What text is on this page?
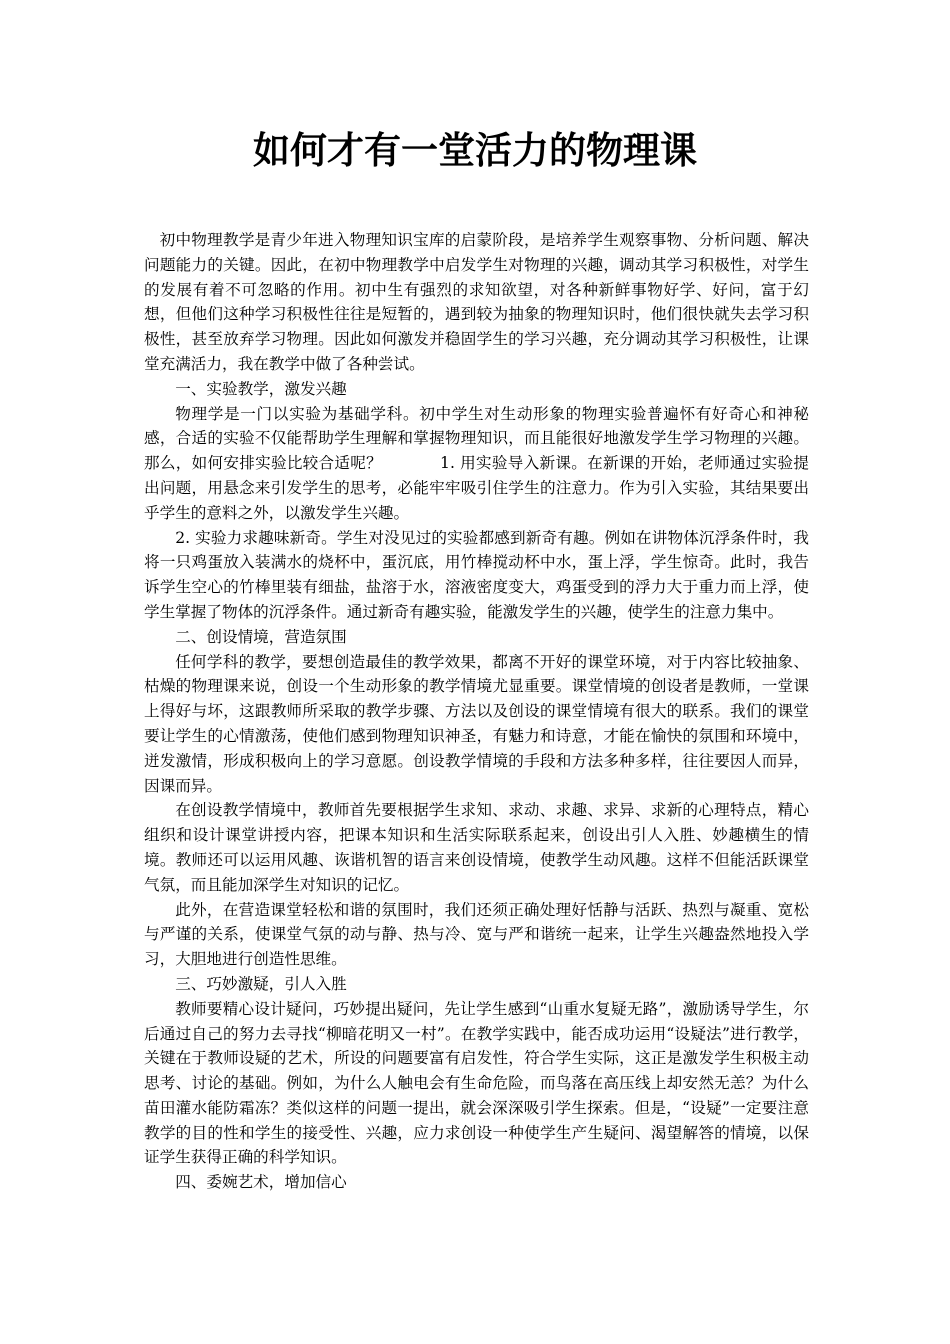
如何才有一堂活力的物理课

初中物理教学是青少年进入物理知识宝库的启蒙阶段，是培养学生观察事物、分析问题、解决问题能力的关键。因此，在初中物理教学中启发学生对物理的兴趣，调动其学习积极性，对学生的发展有着不可忽略的作用。初中生有强烈的求知欲望，对各种新鲜事物好学、好问，富于幻想，但他们这种学习积极性往往是短暂的，遇到较为抽象的物理知识时，他们很快就失去学习积极性，甚至放弃学习物理。因此如何激发并稳固学生的学习兴趣，充分调动其学习积极性，让课堂充满活力，我在教学中做了各种尝试。

一、实验教学，激发兴趣

物理学是一门以实验为基础学科。初中学生对生动形象的物理实验普遍怀有好奇心和神秘感，合适的实验不仅能帮助学生理解和掌握物理知识，而且能很好地激发学生学习物理的兴趣。那么，如何安排实验比较合适呢？	1. 用实验导入新课。在新课的开始，老师通过实验提出问题，用悬念来引发学生的思考，必能牢牢吸引住学生的注意力。作为引入实验，其结果要出乎学生的意料之外，以激发学生兴趣。

2. 实验力求趣味新奇。学生对没见过的实验都感到新奇有趣。例如在讲物体沉浮条件时，我将一只鸡蛋放入装满水的烧杯中，蛋沉底，用竹棒搅动杯中水，蛋上浮，学生惊奇。此时，我告诉学生空心的竹棒里装有细盐，盐溶于水，溶液密度变大，鸡蛋受到的浮力大于重力而上浮，使学生掌握了物体的沉浮条件。通过新奇有趣实验，能激发学生的兴趣，使学生的注意力集中。

二、创设情境，营造氛围

任何学科的教学，要想创造最佳的教学效果，都离不开好的课堂环境，对于内容比较抽象、枯燥的物理课来说，创设一个生动形象的教学情境尤显重要。课堂情境的创设者是教师，一堂课上得好与坏，这跟教师所采取的教学步骤、方法以及创设的课堂情境有很大的联系。我们的课堂要让学生的心情激荡，使他们感到物理知识神圣，有魅力和诗意，才能在愉快的氛围和环境中，迸发激情，形成积极向上的学习意愿。创设教学情境的手段和方法多种多样，往往要因人而异，因课而异。

在创设教学情境中，教师首先要根据学生求知、求动、求趣、求异、求新的心理特点，精心组织和设计课堂讲授内容，把课本知识和生活实际联系起来，创设出引人入胜、妙趣横生的情境。教师还可以运用风趣、诙谐机智的语言来创设情境，使教学生动风趣。这样不但能活跃课堂气氛，而且能加深学生对知识的记忆。

此外，在营造课堂轻松和谐的氛围时，我们还须正确处理好恬静与活跃、热烈与凝重、宽松与严谨的关系，使课堂气氛的动与静、热与冷、宽与严和谐统一起来，让学生兴趣盎然地投入学习，大胆地进行创造性思维。

三、巧妙激疑，引人入胜

教师要精心设计疑问，巧妙提出疑问，先让学生感到“山重水复疑无路”，激励诱导学生，尔后通过自己的努力去寻找“柳暗花明又一村”。在教学实践中，能否成功运用“设疑法”进行教学，关键在于教师设疑的艺术，所设的问题要富有启发性，符合学生实际，这正是激发学生积极主动思考、讨论的基础。例如，为什么人触电会有生命危险，而鸟落在高压线上却安然无恙？为什么苗田灌水能防霜冻？类似这样的问题一提出，就会深深吸引学生探索。但是，“设疑”一定要注意教学的目的性和学生的接受性、兴趣，应力求创设一种使学生产生疑问、渴望解答的情境，以保证学生获得正确的科学知识。

四、委婉艺术，增加信心
